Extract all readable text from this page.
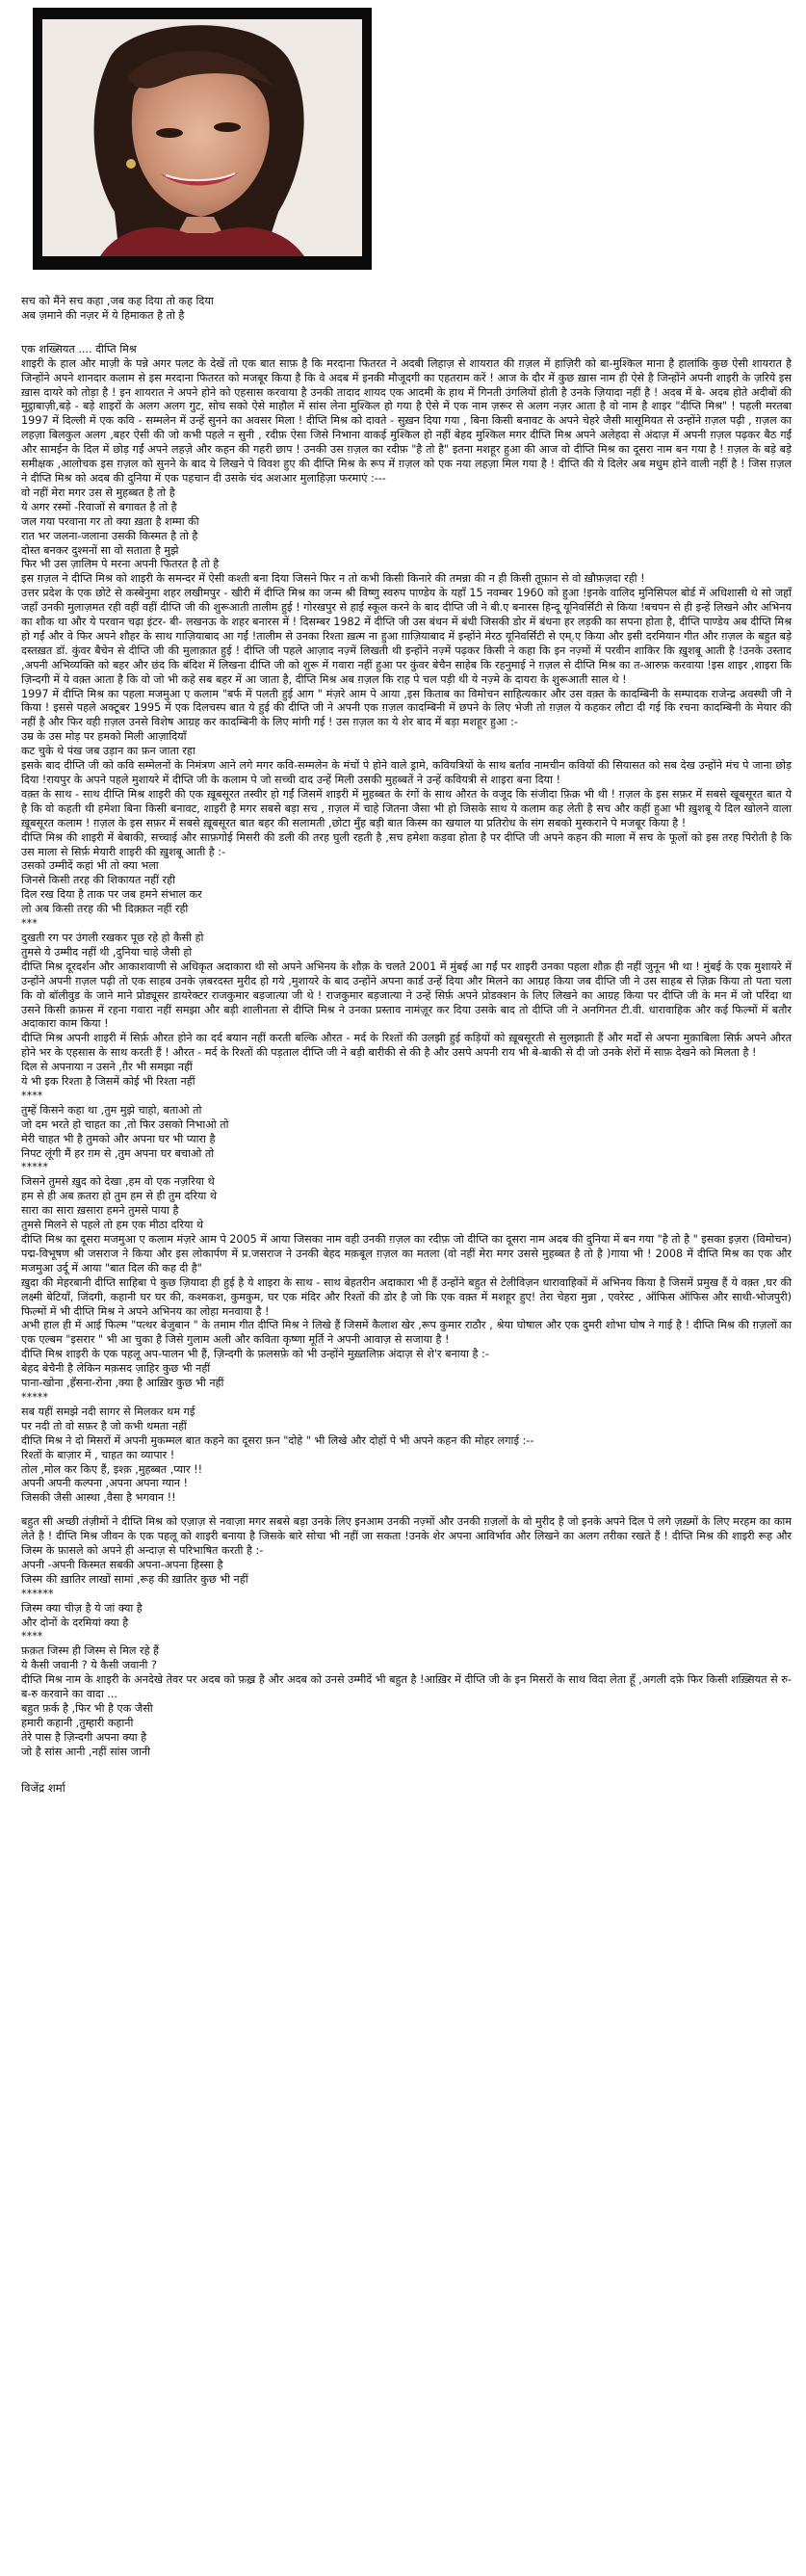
सच को मैंने सच कहा ,जब कह दिया तो कह दिया

अब ज़माने की नज़र में ये हिमाकत है तो है

एक शख्सियत .... दीप्ति मिश्र

शाइरी के हाल और माज़ी के पन्ने अगर पलट के देखें तो एक बात साफ़ है कि मरदाना फितरत ने अदबी लिहाज़ से शायरात की ग़ज़ल में हाज़िरी को बा-मुश्किल माना है हालांकि कुछ ऐसी शायरात है जिन्होंने अपने शानदार कलाम से इस मरदाना फितरत को मजबूर किया है कि वे अदब में इनकी मौजूदगी का एहतराम करें ! आज के दौर में कुछ ख़ास नाम ही ऐसे है जिन्होंने अपनी शाइरी के ज़रिये इस ख़ास दायरे को तोड़ा है ! इन शायरात ने अपने होने को एहसास करवाया है उनकी तादाद शायद एक आदमी के हाथ में गिनती उंगलियों होती है उनके ज़ियादा नहीं है ! अदब में बे- अदब होते अदीबों की मुट्ठाबाज़ी,बड़े - बड़े शाइरों के अलग अलग गुट, सोच सको ऐसे माहौल में सांस लेना मुश्किल हो गया है ऐसे में एक नाम ज़रूर से अलग नज़र आता है वो नाम है शाइर "दीप्ति मिश्र" ! पहली मरतबा 1997 में दिल्ली में एक कवि - सम्मलेन में उन्हें सुनने का अवसर मिला ! दीप्ति मिश्र को दावते - सुख़न दिया गया , बिना किसी बनावट के अपने चेहरे जैसी मासूमियत से उन्होंने ग़ज़ल पढ़ी , ग़ज़ल का लहज़ा बिलकुल अलग ,बहर ऐसी की जो कभी पहले न सुनी , रदीफ़ ऐसा जिसे निभाना वाकई मुश्किल हो नहीं बेहद मुश्किल मगर दीप्ति मिश्र अपने अलेहदा से अंदाज़ में अपनी ग़ज़ल पढ़कर बैठ गईं और सामईन के दिल में छोड़ गईं अपने लहज़े और कहन की गहरी छाप ! उनकी उस ग़ज़ल का रदीफ़ "है तो है" इतना मशहूर हुआ की आज वो दीप्ति मिश्र का दूसरा नाम बन गया है ! ग़ज़ल के बड़े बड़े समीक्षक ,आलोचक इस ग़ज़ल को सुनने के बाद ये लिखने पे विवश हुए की दीप्ति मिश्र के रूप में ग़ज़ल को एक नया लहज़ा मिल गया है ! दीप्ति की ये दिलेर अब मधुम होने वाली नहीं है ! जिस ग़ज़ल ने दीप्ति मिश्र को अदब की दुनिया में एक पहचान दी उसके चंद अशआर मुलाहिज़ा फरमाएं :---

वो नहीं मेरा मगर उस से मुहब्बत है तो है

ये अगर रस्मों -रिवाजों से बगावत है तो है

जल गया परवाना गर तो क्या ख़ता है शम्मा की

रात भर जलना-जलाना उसकी किस्मत है तो है

दोस्त बनकर दुश्मनों सा वो सताता है मुझे

फिर भी उस ज़ालिम पे मरना अपनी फितरत है तो है

इस ग़ज़ल ने दीप्ति मिश्र को शाइरी के समन्दर में ऐसी कश्ती बना दिया जिसने फिर न तो कभी किसी किनारे की तमन्ना की न ही किसी तूफ़ान से वो ख़ौफ़ज़दा रही !

उत्तर प्रदेश के एक छोटे से कस्बेनुमा शहर लखीमपुर - खीरी में दीप्ति मिश्र का जन्म श्री विष्णु स्वरुप पाण्डेय के यहाँ 15 नवम्बर 1960 को हुआ !इनके वालिद मुनिसिपल बोर्ड में अधिशासी थे सो जहाँ जहाँ उनकी मुलाज़मत रही वहीं वहीं दीप्ति जी की शुरूआती तालीम हुई ! गोरखपुर से हाई स्कूल करने के बाद दीप्ति जी ने बी.ए बनारस हिन्दू यूनिवर्सिटी से किया !बचपन से ही इन्हें लिखने और अभिनय का शौक था और ये परवान चढ़ा इंटर- बी- लखनऊ के शहर बनारस में ! दिसम्बर 1982 में दीप्ति जी उस बंधन में बंधी जिसकी डोर में बंधना हर लड़की का सपना होता है, दीप्ति पाण्डेय अब दीप्ति मिश्र हो गईं और वे फिर अपने शौहर के साथ गाज़ियाबाद आ गईं !तालीम से उनका रिश्ता ख़त्म ना हुआ ग़ाज़ियाबाद में इन्होंने मेरठ यूनिवर्सिटी से एम्.ए किया और इसी दरमियान गीत और ग़ज़ल के बहुत बड़े दस्तख़त डॉ. कुंवर बैचेन से दीप्ति जी की मुलाक़ात हुई ! दीप्ति जी पहले आज़ाद नज़्में लिखती थी इन्होंने नज़्में पढ़कर किसी ने कहा कि इन नज़्मों में परवीन शाकिर कि ख़ुशबू आती है !उनके उस्ताद ,अपनी अभिव्यक्ति को बहर और छंद कि बंदिश में लिखना दीप्ति जी को शुरू में गवारा नहीं हुआ पर कुंवर बेचैन साहेब कि रहनुमाई ने ग़ज़ल से दीप्ति मिश्र का त-आरुफ़ करवाया !इस शाइर ,शाइरा कि ज़िन्दगी में ये वक़्त आता है कि वो जो भी कहे सब बहर में आ जाता है, दीप्ति मिश्र अब ग़ज़ल कि राह पे चल पड़ी थी ये नज़्मे के दायरा के शुरूआती साल थे !

1997 में दीप्ति मिश्र का पहला मजमुआ ए कलाम "बर्फ में पलती हुई आग " मंज़रे आम पे आया ,इस किताब का विमोचन साहित्यकार और उस वक़्त के कादम्बिनी के सम्पादक राजेन्द्र अवस्थी जी ने किया ! इससे पहले अक्टूबर 1995 में एक दिलचस्प बात ये हुई की दीप्ति जी ने अपनी एक ग़ज़ल कादम्बिनी में छपने के लिए भेजी तो ग़ज़ल ये कहकर लौटा दी गई कि रचना कादम्बिनी के मेयार की नहीं है और फिर वही ग़ज़ल उनसे विशेष आग्रह कर कादम्बिनी के लिए मांगी गई ! उस ग़ज़ल का ये शेर बाद में बड़ा मशहूर हुआ :-

उम्र के उस मोड़ पर हमको मिली आज़ादियाँ

कट चुके थे पंख जब उड़ान का फ़न जाता रहा

इसके बाद दीप्ति जी को कवि सम्मेलनों के निमंत्रण आने लगे मगर कवि-सम्मलेन के मंचों पे होने वाले ड्रामे, कवियत्रियों के साथ बर्ताव नामचीन कवियों की सियासत को सब देख उन्होंने मंच पे जाना छोड़ दिया !रायपुर के अपने पहले मुशायरे में दीप्ति जी के कलाम पे जो सच्ची दाद उन्हें मिली उसकी मुहब्बतें ने उन्हें कवियत्री से शाइरा बना दिया !

वक़्त के साथ - साथ दीप्ति मिश्र शाइरी की एक ख़ूबसूरत तस्वीर हो गईं जिसमें शाइरी में मुहब्बत के रंगों के साथ औरत के वजूद कि संजीदा फ़िक्र भी थी ! ग़ज़ल के इस सफ़र में सबसे खूबसूरत बात ये है कि वो कहती थी हमेशा बिना किसी बनावट, शाइरी है मगर सबसे बड़ा सच , ग़ज़ल में चाहे जितना जैसा भी हो जिसके साथ ये कलाम कह लेती है सच और कहीं हुआ भी ख़ुशबू ये दिल खोलने वाला ख़ूबसूरत कलाम ! ग़ज़ल के इस सफ़र में सबसे ख़ूबसूरत बात बहर की सलामती ,छोटा मुँह बड़ी बात किस्म का खयाल या प्रतिरोध के संग सबको मुस्कराने पे मजबूर किया है !

दीप्ति मिश्र की शाइरी में बेबाकी, सच्चाई और साफ़गोई मिसरी की डली की तरह घुली रहती है ,सच हमेशा कड़वा होता है पर दीप्ति जी अपने कहन की माला में सच के फूलों को इस तरह पिरोती है कि उस माला से सिर्फ़ मेयारी शाइरी की ख़ुशबू आती है :-

उसको उम्मीदें कहां भी तो क्या भला

जिनसे किसी तरह की शिकायत नहीं रही

दिल रख दिया है ताक पर जब हमने संभाल कर

लो अब किसी तरह की भी दिक़्क़त नहीं रही

***

दुखती रग पर उंगली रखकर पूछ रहे हो कैसी हो

तुमसे ये उम्मीद नहीं थी ,दुनिया चाहे जैसी हो

दीप्ति मिश्र दूरदर्शन और आकाशवाणी से अधिकृत अदाकारा थी सो अपने अभिनय के शौक़ के चलते 2001 में मुंबई आ गईं पर शाइरी उनका पहला शौक़ ही नहीं जुनून भी था ! मुंबई के एक मुशायरे में उन्होंने अपनी ग़ज़ल पढ़ी तो एक साहब उनके ज़बरदस्त मुरीद हो गये ,मुशायरे के बाद उन्होंने अपना कार्ड उन्हें दिया और मिलने का आग्रह किया जब दीप्ति जी ने उस साहब से ज़िक्र किया तो पता चला कि वो बॉलीवुड के जाने माने प्रोड्यूसर डायरेक्टर राजकुमार बड़जात्या जी थे ! राजकुमार बड़जात्या ने उन्हें सिर्फ़ अपने प्रोडक्शन के लिए लिखने का आग्रह किया पर दीप्ति जी के मन में जो परिंदा था उसने किसी क़फ़स में रहना गवारा नहीं समझा और बड़ी शालीनता से दीप्ति मिश्र ने उनका प्रस्ताव नामंज़ूर कर दिया उसके बाद तो दीप्ति जी ने अनगिनत टी.वी. धारावाहिक और कई फिल्मों में बतौर अदाकारा काम किया !

दीप्ति मिश्र अपनी शाइरी में सिर्फ़ औरत होने का दर्द बयान नहीं करती बल्कि औरत - मर्द के रिश्तों की उलझी हुई कड़ियों को ख़ूबसूरती से सुलझाती हैं और मर्दों से अपना मुक़ाबिला सिर्फ़ अपने औरत होने भर के एहसास के साथ करती हैं ! औरत - मर्द के रिश्तों की पड़ताल दीप्ति जी ने बड़ी बारीकी से की है और उसपे अपनी राय भी बे-बाकी से दी जो उनके शेरों में साफ़ देखने को मिलता है !

दिल से अपनाया न उसने ,ग़ैर भी समझा नहीं

ये भी इक रिश्ता है जिसमें कोई भी रिश्ता नहीं

****

तुम्हें किसने कहा था ,तुम मुझे चाहो, बताओ तो

जो दम भरते हो चाहत का ,तो फिर उसको निभाओ तो

मेरी चाहत भी है तुमको और अपना घर भी प्यारा है

निपट लूंगी मैं हर ग़म से ,तुम अपना घर बचाओ तो

*****

जिसने तुमसे ख़ुद को देखा ,हम वो एक नज़रिया थे

हम से ही अब क़तरा हो तुम हम से ही तुम दरिया थे

सारा का सारा ख़सारा हमने तुमसे पाया है

तुमसे मिलने से पहले तो हम एक मीठा दरिया थे

दीप्ति मिश्र का दूसरा मजमुआ ए कलाम मंज़रे आम पे 2005 में आया जिसका नाम वही उनकी ग़ज़ल का रदीफ़ जो दीप्ति का दूसरा नाम अदब की दुनिया में बन गया "है तो है " इसका इज़रा (विमोचन) पद्म-विभूषण श्री जसराज ने किया और इस लोकार्पण में प्र.जसराज ने उनकी बेहद मक़बूल ग़ज़ल का मतला (वो नहीं मेरा मगर उससे मुहब्बत है तो है )गाया भी ! 2008 में दीप्ति मिश्र का एक और मजमुआ उर्दू में आया "बात दिल की कह दी है"

ख़ुदा की मेहरबानी दीप्ति साहिबा पे कुछ ज़ियादा ही हुई है ये शाइरा के साथ - साथ बेहतरीन अदाकारा भी हैं उन्होंने बहुत से टेलीविज़न धारावाहिकों में अभिनय किया है जिसमें प्रमुख हैं ये वक़्त ,घर की लक्ष्मी बेटियाँ, जिंदगी, कहानी घर घर की, कश्मकश, कुमकुम, घर एक मंदिर और रिश्तों की डोर है जो कि एक वक़्त में मशहूर हुए! तेरा चेहरा मुन्ना , एवरेस्ट , ऑफिस ऑफिस और साथी-भोजपुरी) फिल्मों में भी दीप्ति मिश्र ने अपने अभिनय का लोहा मनवाया है !

अभी हाल ही में आई फिल्म "पत्थर बेजुबान " के तमाम गीत दीप्ति मिश्र ने लिखे हैं जिसमें कैलाश खेर ,रूप कुमार राठौर , श्रेया घोषाल और एक दुमरी शोभा घोष ने गाई है ! दीप्ति मिश्र की ग़ज़लों का एक एल्बम "इसरार " भी आ चुका है जिसे गुलाम अली और कविता कृष्णा मूर्ति ने अपनी आवाज़ से सजाया है !

दीप्ति मिश्र शाइरी के एक पहलू अप-पालन भी हैं, ज़िन्दगी के फ़लसफ़े को भी उन्होंने मुख़्तलिफ़ अंदाज़ से शे'र बनाया है :-

बेहद बेचैनी है लेकिन मक़सद ज़ाहिर कुछ भी नहीं

पाना-खोना ,हँसना-रोना ,क्या है आख़िर कुछ भी नहीं

*****

सब यहीं समझे नदी सागर से मिलकर थम गई

पर नदी तो वो सफ़र है जो कभी थमता नहीं

दीप्ति मिश्र ने दो मिसरों में अपनी मुकम्मल बात कहने का दूसरा फ़न "दोहे " भी लिखे और दोहों पे भी अपने कहन की मोहर लगाई :--

रिश्तों के बाज़ार में , चाहत का व्यापार !

तोल ,मोल कर किए हैं, इश्क़ ,मुहब्बत ,प्यार !!

अपनी अपनी कल्पना ,अपना अपना ग्यान !

जिसकी जैसी आस्था ,वैसा है भगवान !!

बहुत सी अच्छी तंज़ीमों ने दीप्ति मिश्र को एज़ाज़ से नवाज़ा मगर सबसे बड़ा उनके लिए इनआम उनकी नज़्मों और उनकी ग़ज़लों के वो मुरीद है जो इनके अपने दिल पे लगे ज़ख़्मों के लिए मरहम का काम लेते है ! दीप्ति मिश्र जीवन के एक पहलू को शाइरी बनाया है जिसके बारे सोचा भी नहीं जा सकता !उनके शेर अपना आविर्भाव और लिखने का अलग तरीका रखते हैं ! दीप्ति मिश्र की शाइरी रूह और जिस्म के फ़ासले को अपने ही अन्दाज़ से परिभाषित करती है :-

अपनी -अपनी किस्मत सबकी अपना-अपना हिस्सा है

जिस्म की ख़ातिर लाखों सामां ,रूह की ख़ातिर कुछ भी नहीं

******

जिस्म क्या चीज़ है ये जां क्या है

और दोनों के दरमियां क्या है

****

फ़क़त जिस्म ही जिस्म से मिल रहे हैं

ये कैसी जवानी ? ये कैसी जवानी ?

दीप्ति मिश्र नाम के शाइरी के अनदेखे तेवर पर अदब को फ़ख़्र है और अदब को उनसे उम्मीदें भी बहुत है !आख़िर में दीप्ति जी के इन मिसरों के साथ विदा लेता हूँ ,अगली दफ़े फिर किसी शख़्सियत से रु-ब-रु करवाने का वादा ...

बहुत फ़र्क है ,फिर भी है एक जैसी

हमारी कहानी ,तुम्हारी कहानी

तेरे पास है ज़िन्दगी अपना क्या है

जो है सांस आनी ,नहीं सांस जानी

विजेंद्र शर्मा
